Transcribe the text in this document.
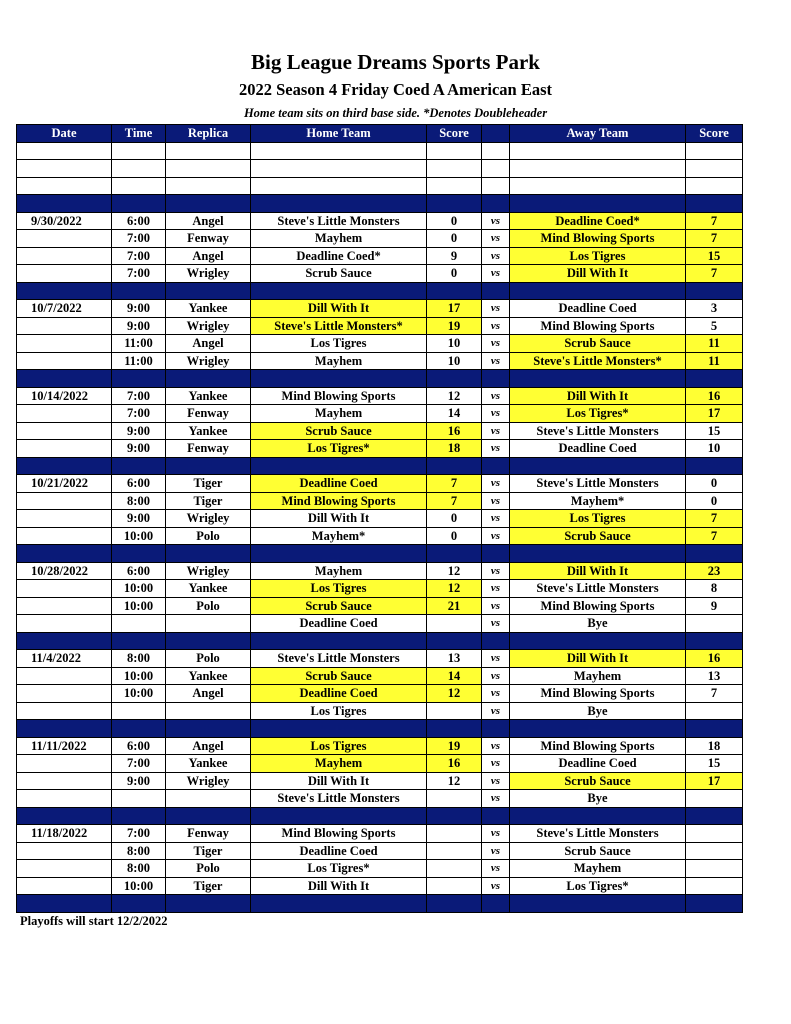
Big League Dreams Sports Park
2022 Season 4 Friday Coed A American East
Home team sits on third base side. *Denotes Doubleheader
Date	Time	Replica	Home Team	Score		Away Team	Score

9/30/2022	6:00	Angel	Steve's Little Monsters	0	vs	Deadline Coed*	7
	7:00	Fenway	Mayhem	0	vs	Mind Blowing Sports	7
	7:00	Angel	Deadline Coed*	9	vs	Los Tigres	15
	7:00	Wrigley	Scrub Sauce	0	vs	Dill With It	7

10/7/2022	9:00	Yankee	Dill With It	17	vs	Deadline Coed	3
	9:00	Wrigley	Steve's Little Monsters*	19	vs	Mind Blowing Sports	5
	11:00	Angel	Los Tigres	10	vs	Scrub Sauce	11
	11:00	Wrigley	Mayhem	10	vs	Steve's Little Monsters*	11

10/14/2022	7:00	Yankee	Mind Blowing Sports	12	vs	Dill With It	16
	7:00	Fenway	Mayhem	14	vs	Los Tigres*	17
	9:00	Yankee	Scrub Sauce	16	vs	Steve's Little Monsters	15
	9:00	Fenway	Los Tigres*	18	vs	Deadline Coed	10

10/21/2022	6:00	Tiger	Deadline Coed	7	vs	Steve's Little Monsters	0
	8:00	Tiger	Mind Blowing Sports	7	vs	Mayhem*	0
	9:00	Wrigley	Dill With It	0	vs	Los Tigres	7
	10:00	Polo	Mayhem*	0	vs	Scrub Sauce	7

10/28/2022	6:00	Wrigley	Mayhem	12	vs	Dill With It	23
	10:00	Yankee	Los Tigres	12	vs	Steve's Little Monsters	8
	10:00	Polo	Scrub Sauce	21	vs	Mind Blowing Sports	9
			Deadline Coed		vs	Bye	

11/4/2022	8:00	Polo	Steve's Little Monsters	13	vs	Dill With It	16
	10:00	Yankee	Scrub Sauce	14	vs	Mayhem	13
	10:00	Angel	Deadline Coed	12	vs	Mind Blowing Sports	7
			Los Tigres		vs	Bye	

11/11/2022	6:00	Angel	Los Tigres	19	vs	Mind Blowing Sports	18
	7:00	Yankee	Mayhem	16	vs	Deadline Coed	15
	9:00	Wrigley	Dill With It	12	vs	Scrub Sauce	17
			Steve's Little Monsters		vs	Bye	

11/18/2022	7:00	Fenway	Mind Blowing Sports		vs	Steve's Little Monsters	
	8:00	Tiger	Deadline Coed		vs	Scrub Sauce	
	8:00	Polo	Los Tigres*		vs	Mayhem	
	10:00	Tiger	Dill With It		vs	Los Tigres*	

Playoffs will start 12/2/2022
